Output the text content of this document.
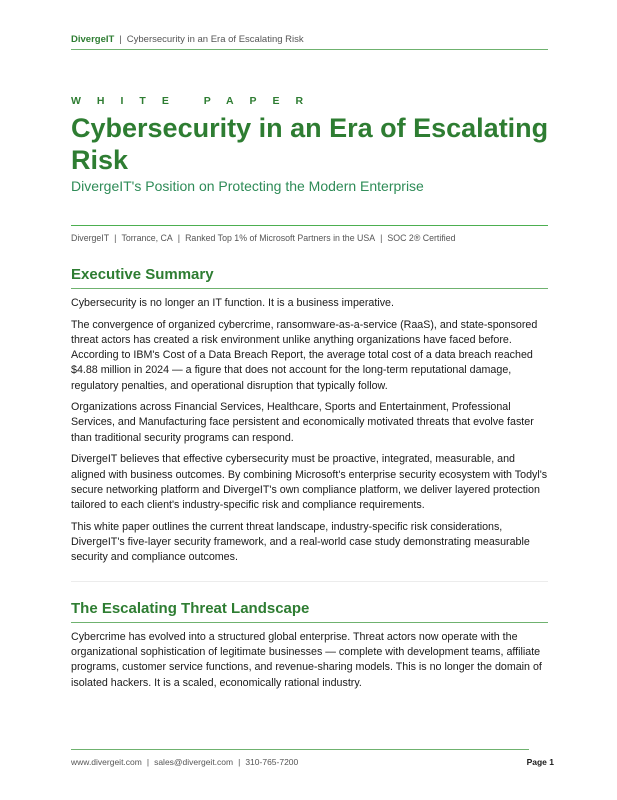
DivergeIT | Cybersecurity in an Era of Escalating Risk
WHITE PAPER
Cybersecurity in an Era of Escalating Risk
DivergeIT's Position on Protecting the Modern Enterprise
DivergeIT | Torrance, CA | Ranked Top 1% of Microsoft Partners in the USA | SOC 2® Certified
Executive Summary

Cybersecurity is no longer an IT function. It is a business imperative.

The convergence of organized cybercrime, ransomware-as-a-service (RaaS), and state-sponsored threat actors has created a risk environment unlike anything organizations have faced before. According to IBM's Cost of a Data Breach Report, the average total cost of a data breach reached $4.88 million in 2024 — a figure that does not account for the long-term reputational damage, regulatory penalties, and operational disruption that typically follow.

Organizations across Financial Services, Healthcare, Sports and Entertainment, Professional Services, and Manufacturing face persistent and economically motivated threats that evolve faster than traditional security programs can respond.

DivergeIT believes that effective cybersecurity must be proactive, integrated, measurable, and aligned with business outcomes. By combining Microsoft's enterprise security ecosystem with Todyl's secure networking platform and DivergeIT's own compliance platform, we deliver layered protection tailored to each client's industry-specific risk and compliance requirements.

This white paper outlines the current threat landscape, industry-specific risk considerations, DivergeIT's five-layer security framework, and a real-world case study demonstrating measurable security and compliance outcomes.

The Escalating Threat Landscape

Cybercrime has evolved into a structured global enterprise. Threat actors now operate with the organizational sophistication of legitimate businesses — complete with development teams, affiliate programs, customer service functions, and revenue-sharing models. This is no longer the domain of isolated hackers. It is a scaled, economically rational industry.

www.divergeit.com | sales@divergeit.com | 310-765-7200	Page 1
